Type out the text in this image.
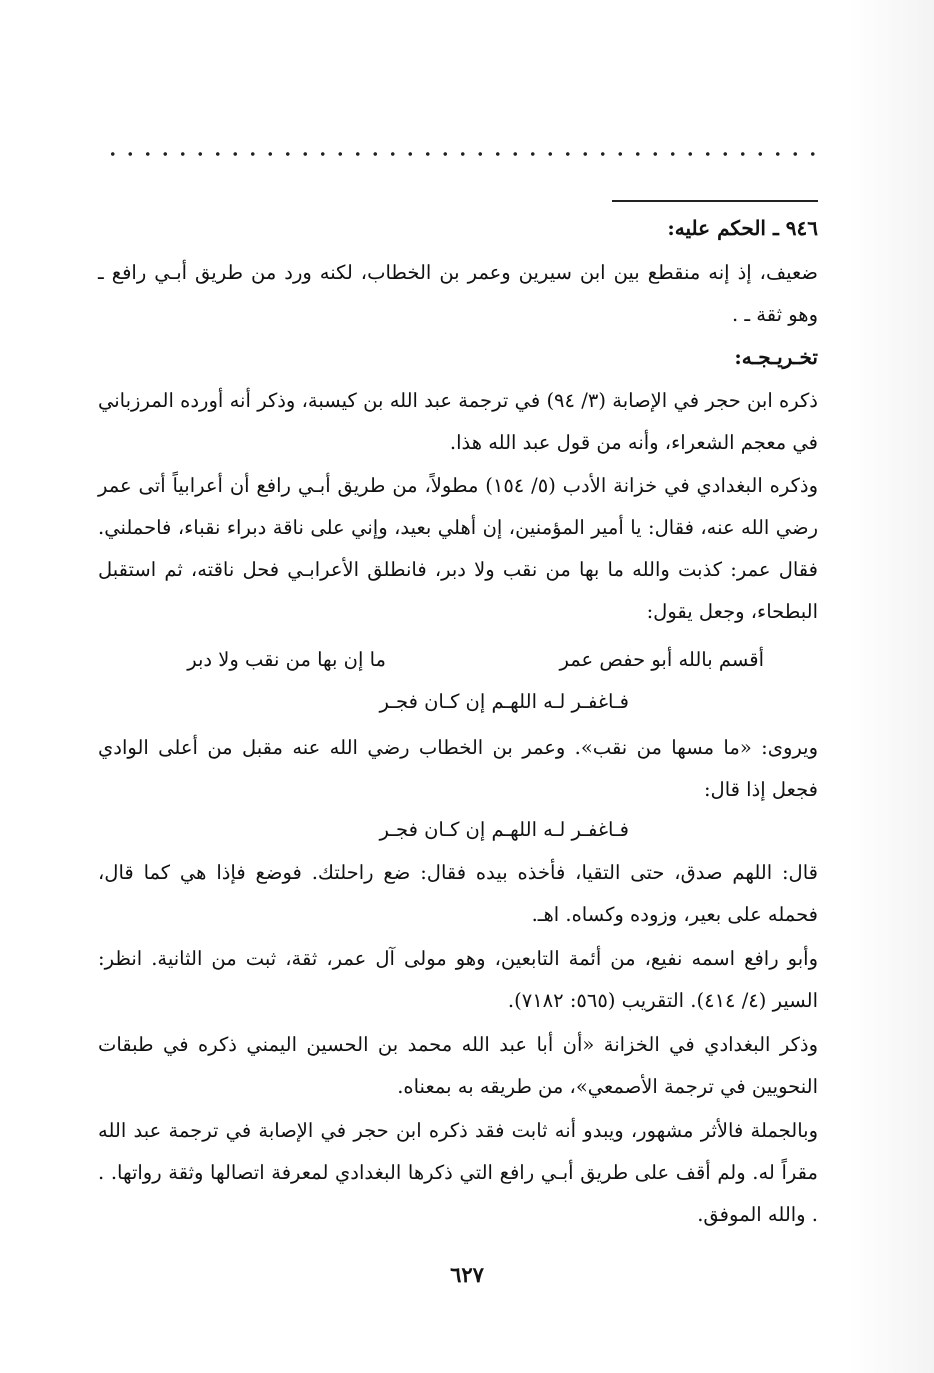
٩٤٦ ـ الحكم عليه:
ضعيف، إذ إنه منقطع بين ابن سيرين وعمر بن الخطاب، لكنه ورد من طريق أبـي رافع ـ وهو ثقة ـ .
تخـريـجـه:
ذكره ابن حجر في الإصابة (٣/ ٩٤) في ترجمة عبد الله بن كيسبة، وذكر أنه أورده المرزباني في معجم الشعراء، وأنه من قول عبد الله هذا.
وذكره البغدادي في خزانة الأدب (٥/ ١٥٤) مطولاً، من طريق أبـي رافع أن أعرابياً أتى عمر رضي الله عنه، فقال: يا أمير المؤمنين، إن أهلي بعيد، وإني على ناقة دبراء نقباء، فاحملني. فقال عمر: كذبت والله ما بها من نقب ولا دبر، فانطلق الأعرابـي فحل ناقته، ثم استقبل البطحاء، وجعل يقول:
أقسم بالله أبو حفص عمر
ما إن بها من نقب ولا دبر
فـاغفـر لـه اللهـم إن كـان فجـر
ويروى: «ما مسها من نقب». وعمر بن الخطاب رضي الله عنه مقبل من أعلى الوادي فجعل إذا قال:
فـاغفـر لـه اللهـم إن كـان فجـر
قال: اللهم صدق، حتى التقيا، فأخذه بيده فقال: ضع راحلتك. فوضع فإذا هي كما قال، فحمله على بعير، وزوده وكساه. اهـ.
وأبو رافع اسمه نفيع، من أئمة التابعين، وهو مولى آل عمر، ثقة، ثبت من الثانية. انظر: السير (٤/ ٤١٤). التقريب (٥٦٥: ٧١٨٢).
وذكر البغدادي في الخزانة «أن أبا عبد الله محمد بن الحسين اليمني ذكره في طبقات النحويين في ترجمة الأصمعي»، من طريقه به بمعناه.
وبالجملة فالأثر مشهور، ويبدو أنه ثابت فقد ذكره ابن حجر في الإصابة في ترجمة عبد الله مقراً له. ولم أقف على طريق أبـي رافع التي ذكرها البغدادي لمعرفة اتصالها وثقة رواتها. . . والله الموفق.
٦٢٧
